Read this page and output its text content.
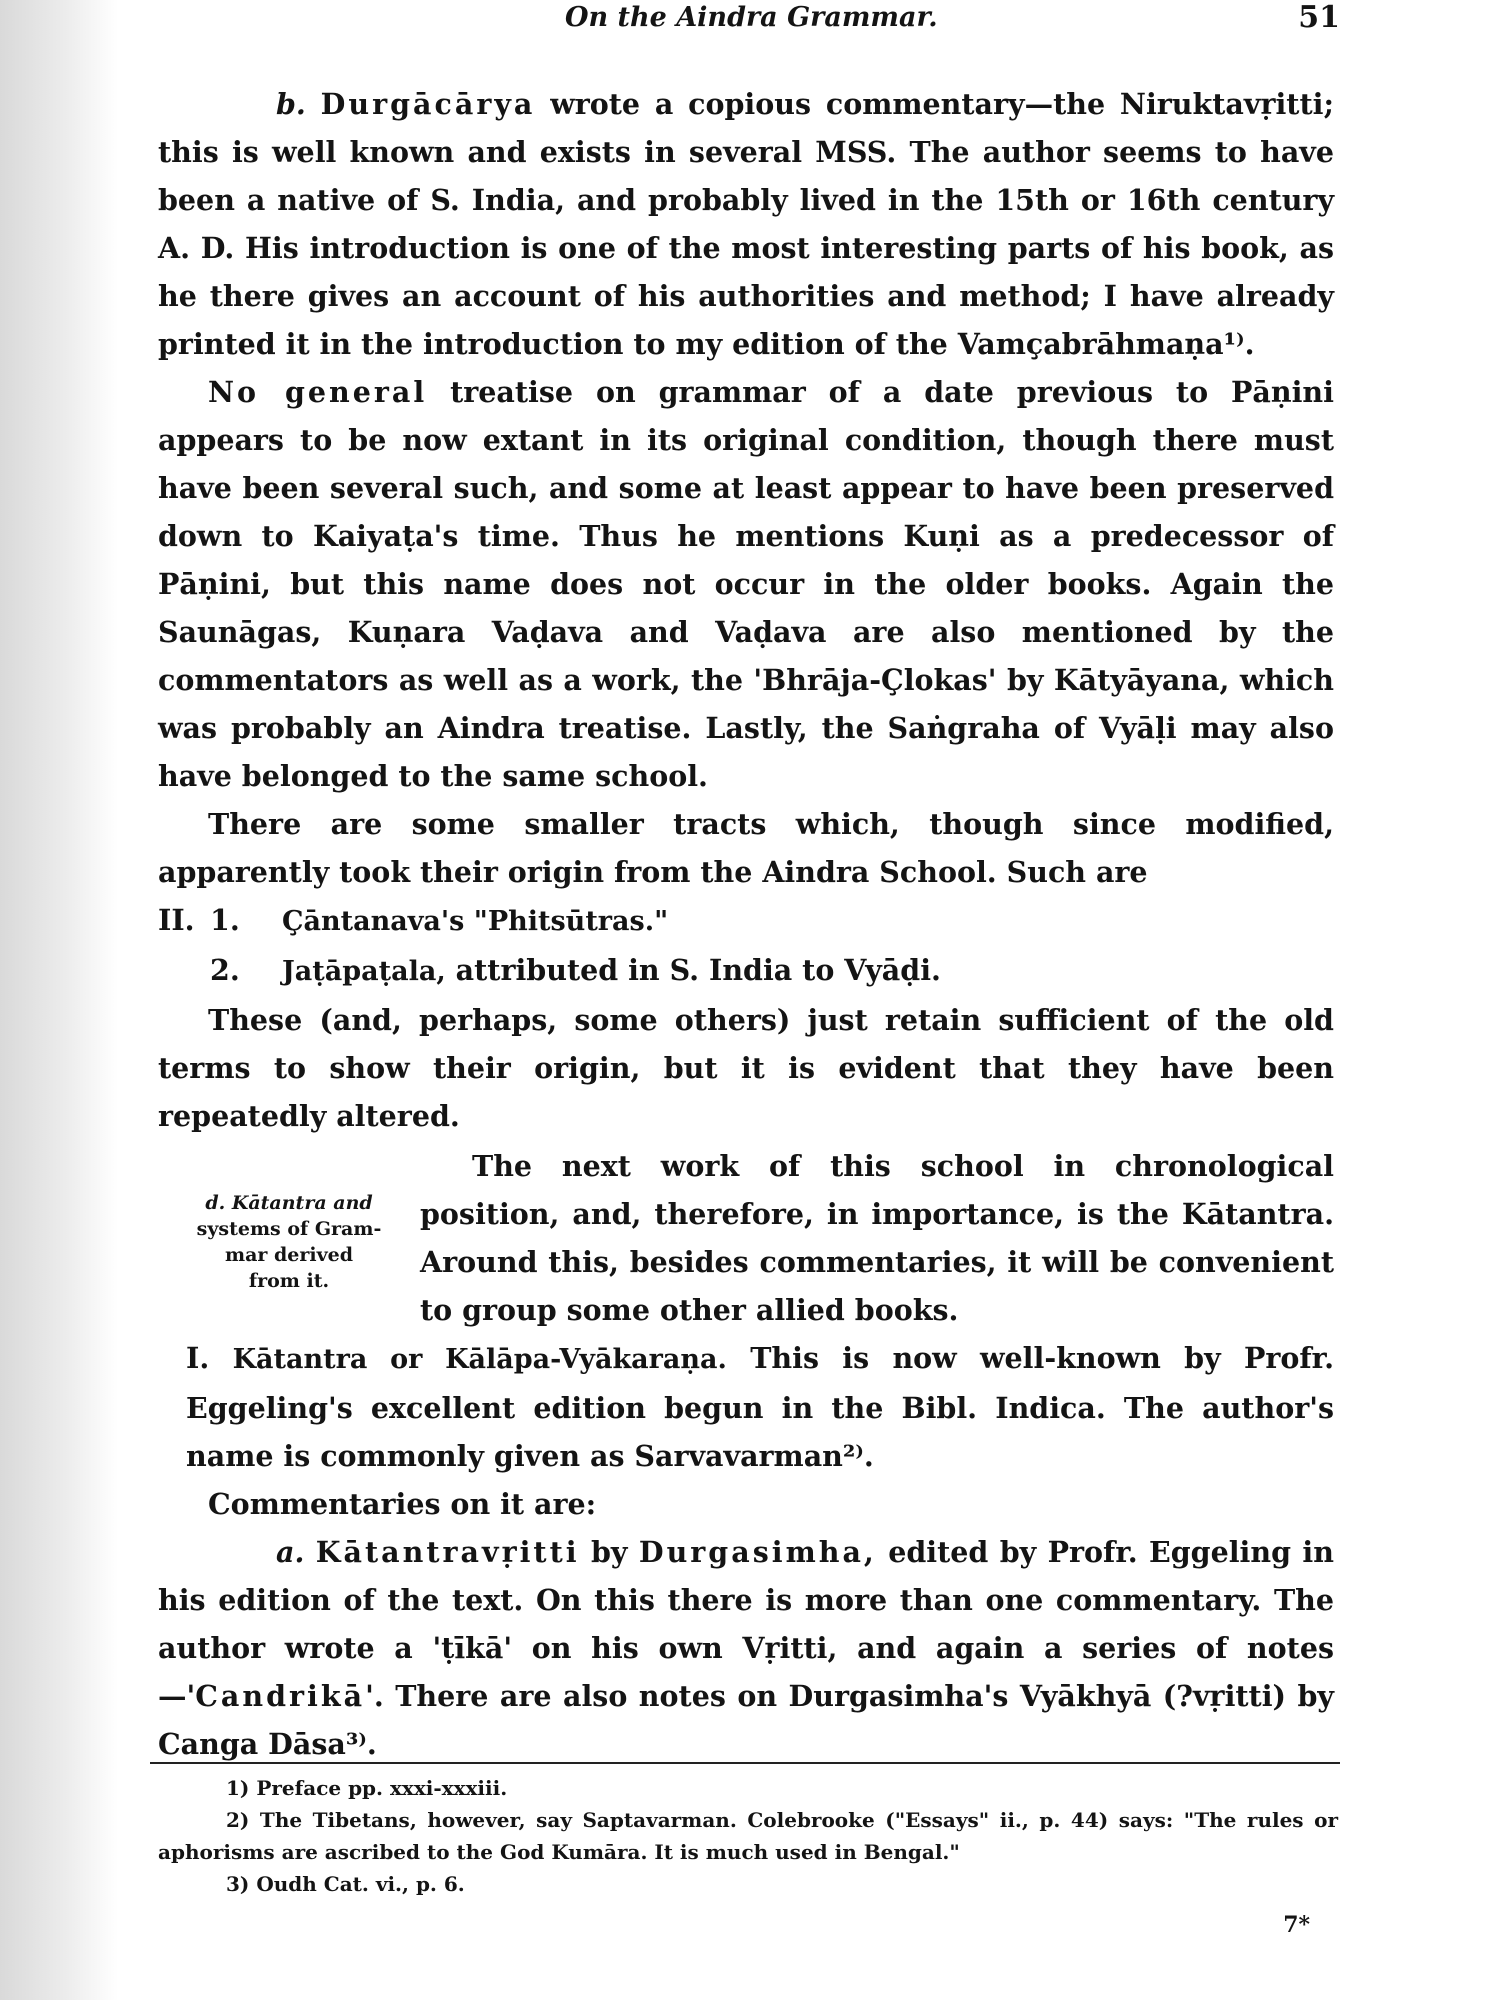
On the Aindra Grammar.	51

b. Durgācārya wrote a copious commentary—the Niruktavṛitti; this is well known and exists in several MSS. The author seems to have been a native of S. India, and probably lived in the 15th or 16th century A. D. His introduction is one of the most interesting parts of his book, as he there gives an account of his authorities and method; I have already printed it in the introduction to my edition of the Vamçabrāhmaṇa¹⁾.

No general treatise on grammar of a date previous to Pāṇini appears to be now extant in its original condition, though there must have been several such, and some at least appear to have been preserved down to Kaiyaṭa's time. Thus he mentions Kuṇi as a predecessor of Pāṇini, but this name does not occur in the older books. Again the Saunāgas, Kuṇara Vaḍava and Vaḍava are also mentioned by the commentators as well as a work, the 'Bhrāja-Çlokas' by Kātyāyana, which was probably an Aindra treatise. Lastly, the Saṅgraha of Vyāḷi may also have belonged to the same school.

There are some smaller tracts which, though since modified, apparently took their origin from the Aindra School. Such are

II. 1. Çāntanava's "Phitsūtras."

2. Jaṭāpaṭala, attributed in S. India to Vyāḍi.

These (and, perhaps, some others) just retain sufficient of the old terms to show their origin, but it is evident that they have been repeatedly altered.

d. Kātantra and
systems of Gram-
mar derived
from it.

The next work of this school in chronological position, and, therefore, in importance, is the Kātantra. Around this, besides commentaries, it will be convenient to group some other allied books.

I. Kātantra or Kālāpa-Vyākaraṇa. This is now well-known by Profr. Eggeling's excellent edition begun in the Bibl. Indica. The author's name is commonly given as Sarvavarman²⁾.

Commentaries on it are:

a. Kātantravṛitti by Durgasimha, edited by Profr. Eggeling in his edition of the text. On this there is more than one commentary. The author wrote a 'ṭīkā' on his own Vṛitti, and again a series of notes—'Candrikā'. There are also notes on Durgasimha's Vyākhyā (?vṛitti) by Canga Dāsa³⁾.

1) Preface pp. xxxi-xxxiii.

2) The Tibetans, however, say Saptavarman. Colebrooke ("Essays" ii., p. 44) says: "The rules or aphorisms are ascribed to the God Kumāra. It is much used in Bengal."

3) Oudh Cat. vi., p. 6.

7*
